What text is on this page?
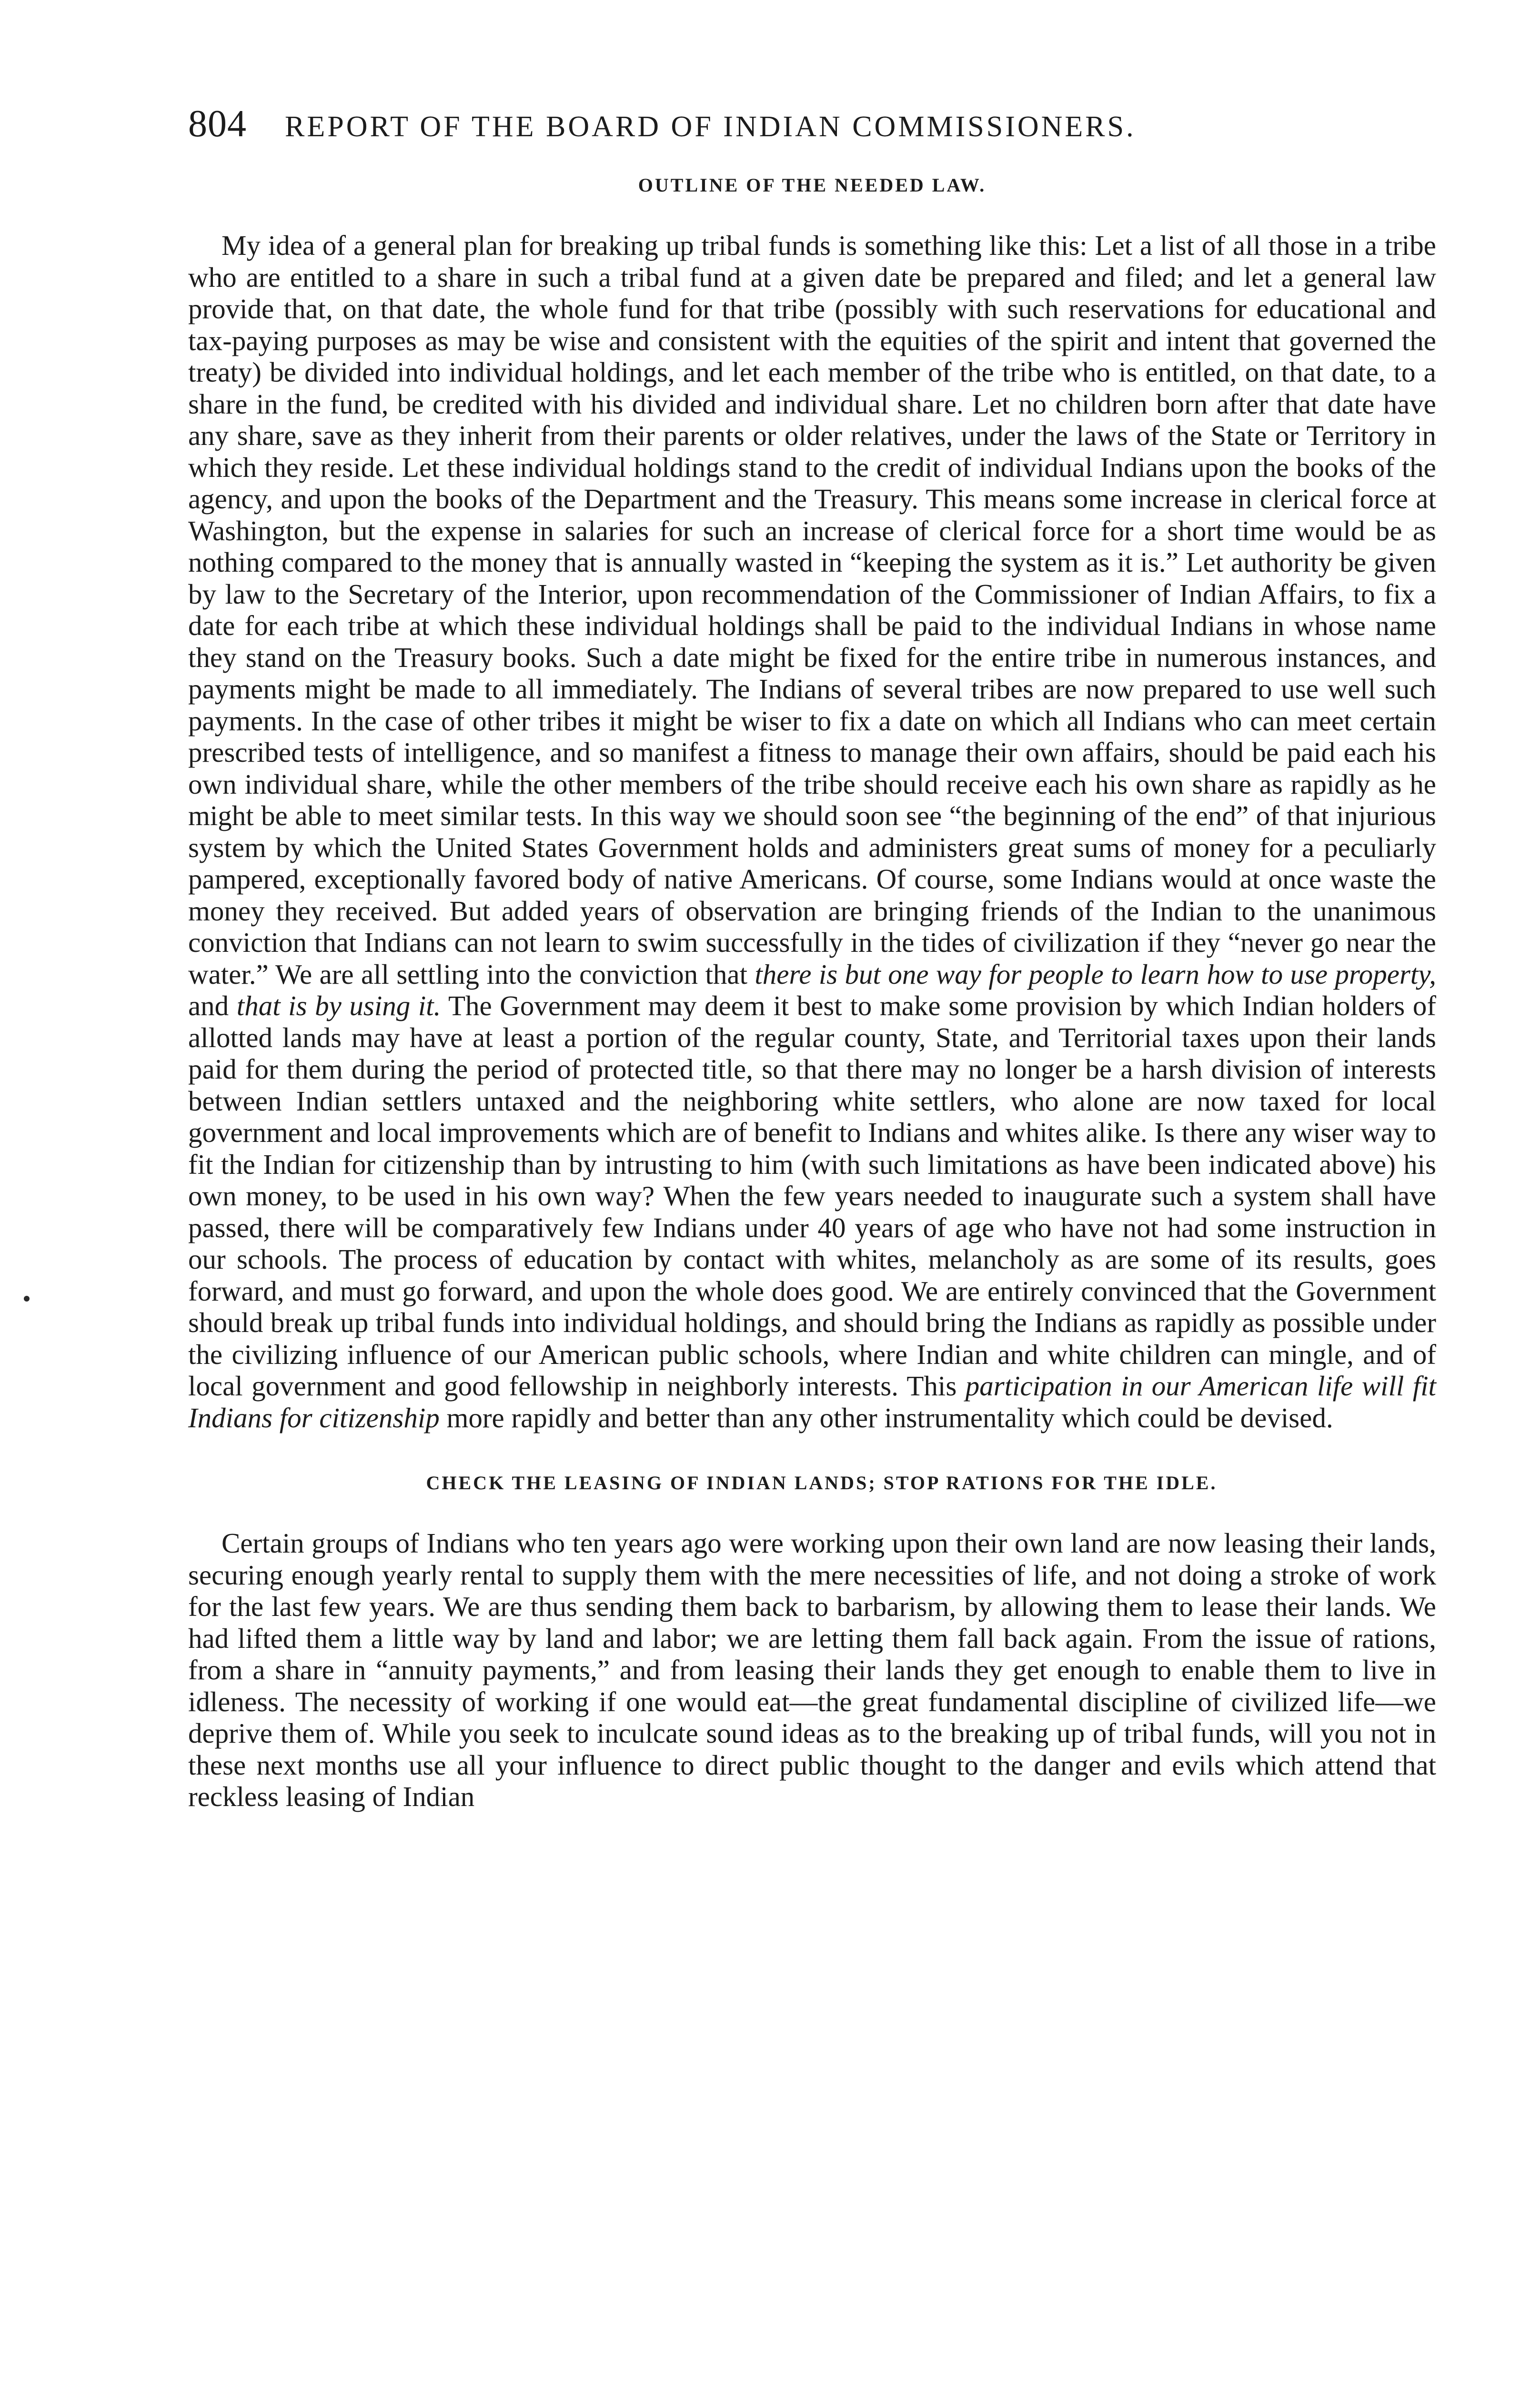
804 REPORT OF THE BOARD OF INDIAN COMMISSIONERS.
OUTLINE OF THE NEEDED LAW.

My idea of a general plan for breaking up tribal funds is something like this: Let a list of all those in a tribe who are entitled to a share in such a tribal fund at a given date be prepared and filed; and let a general law provide that, on that date, the whole fund for that tribe (possibly with such reservations for educational and tax-paying purposes as may be wise and consistent with the equities of the spirit and intent that governed the treaty) be divided into individual holdings, and let each member of the tribe who is entitled, on that date, to a share in the fund, be credited with his divided and individual share. Let no children born after that date have any share, save as they inherit from their parents or older relatives, under the laws of the State or Territory in which they reside. Let these individual holdings stand to the credit of individual Indians upon the books of the agency, and upon the books of the Department and the Treasury. This means some increase in clerical force at Washington, but the expense in salaries for such an increase of clerical force for a short time would be as nothing compared to the money that is annually wasted in “keeping the system as it is.” Let authority be given by law to the Secretary of the Interior, upon recommendation of the Commissioner of Indian Affairs, to fix a date for each tribe at which these individual holdings shall be paid to the individual Indians in whose name they stand on the Treasury books. Such a date might be fixed for the entire tribe in numerous instances, and payments might be made to all immediately. The Indians of several tribes are now prepared to use well such payments. In the case of other tribes it might be wiser to fix a date on which all Indians who can meet certain prescribed tests of intelligence, and so manifest a fitness to manage their own affairs, should be paid each his own individual share, while the other members of the tribe should receive each his own share as rapidly as he might be able to meet similar tests. In this way we should soon see “the beginning of the end” of that injurious system by which the United States Government holds and administers great sums of money for a peculiarly pampered, exceptionally favored body of native Americans. Of course, some Indians would at once waste the money they received. But added years of observation are bringing friends of the Indian to the unanimous conviction that Indians can not learn to swim successfully in the tides of civilization if they “never go near the water.” We are all settling into the conviction that there is but one way for people to learn how to use property, and that is by using it. The Government may deem it best to make some provision by which Indian holders of allotted lands may have at least a portion of the regular county, State, and Territorial taxes upon their lands paid for them during the period of protected title, so that there may no longer be a harsh division of interests between Indian settlers untaxed and the neighboring white settlers, who alone are now taxed for local government and local improvements which are of benefit to Indians and whites alike. Is there any wiser way to fit the Indian for citizenship than by intrusting to him (with such limitations as have been indicated above) his own money, to be used in his own way? When the few years needed to inaugurate such a system shall have passed, there will be comparatively few Indians under 40 years of age who have not had some instruction in our schools. The process of education by contact with whites, melancholy as are some of its results, goes forward, and must go forward, and upon the whole does good. We are entirely convinced that the Government should break up tribal funds into individual holdings, and should bring the Indians as rapidly as possible under the civilizing influence of our American public schools, where Indian and white children can mingle, and of local government and good fellowship in neighborly interests. This participation in our American life will fit Indians for citizenship more rapidly and better than any other instrumentality which could be devised.

CHECK THE LEASING OF INDIAN LANDS; STOP RATIONS FOR THE IDLE.

Certain groups of Indians who ten years ago were working upon their own land are now leasing their lands, securing enough yearly rental to supply them with the mere necessities of life, and not doing a stroke of work for the last few years. We are thus sending them back to barbarism, by allowing them to lease their lands. We had lifted them a little way by land and labor; we are letting them fall back again. From the issue of rations, from a share in “annuity payments,” and from leasing their lands they get enough to enable them to live in idleness. The necessity of working if one would eat—the great fundamental discipline of civilized life—we deprive them of. While you seek to inculcate sound ideas as to the breaking up of tribal funds, will you not in these next months use all your influence to direct public thought to the danger and evils which attend that reckless leasing of Indian
